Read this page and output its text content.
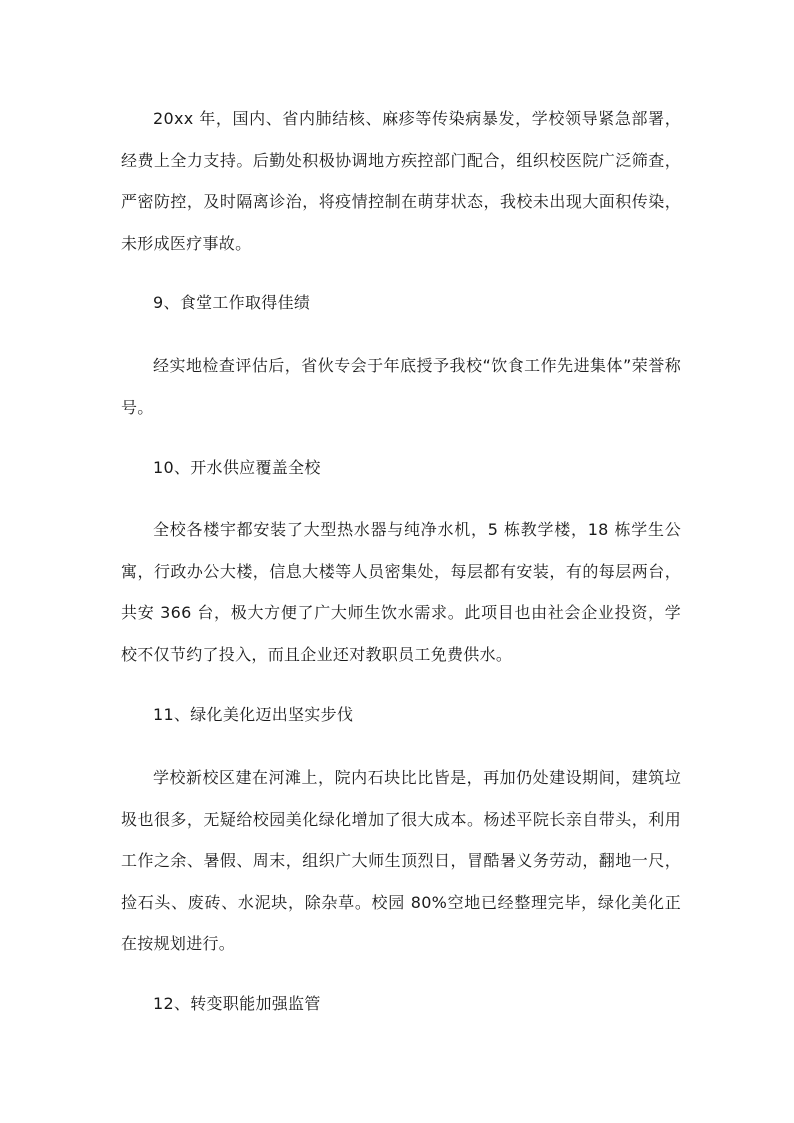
20xx 年，国内、省内肺结核、麻疹等传染病暴发，学校领导紧急部署，经费上全力支持。后勤处积极协调地方疾控部门配合，组织校医院广泛筛查，严密防控，及时隔离诊治，将疫情控制在萌芽状态，我校未出现大面积传染，未形成医疗事故。

9、食堂工作取得佳绩

经实地检查评估后，省伙专会于年底授予我校“饮食工作先进集体”荣誉称号。

10、开水供应覆盖全校

全校各楼宇都安装了大型热水器与纯净水机，5 栋教学楼，18 栋学生公寓，行政办公大楼，信息大楼等人员密集处，每层都有安装，有的每层两台，共安 366 台，极大方便了广大师生饮水需求。此项目也由社会企业投资，学校不仅节约了投入，而且企业还对教职员工免费供水。

11、绿化美化迈出坚实步伐

学校新校区建在河滩上，院内石块比比皆是，再加仍处建设期间，建筑垃圾也很多，无疑给校园美化绿化增加了很大成本。杨述平院长亲自带头，利用工作之余、暑假、周末，组织广大师生顶烈日，冒酷暑义务劳动，翻地一尺，捡石头、废砖、水泥块，除杂草。校园 80%空地已经整理完毕，绿化美化正在按规划进行。

12、转变职能加强监管
